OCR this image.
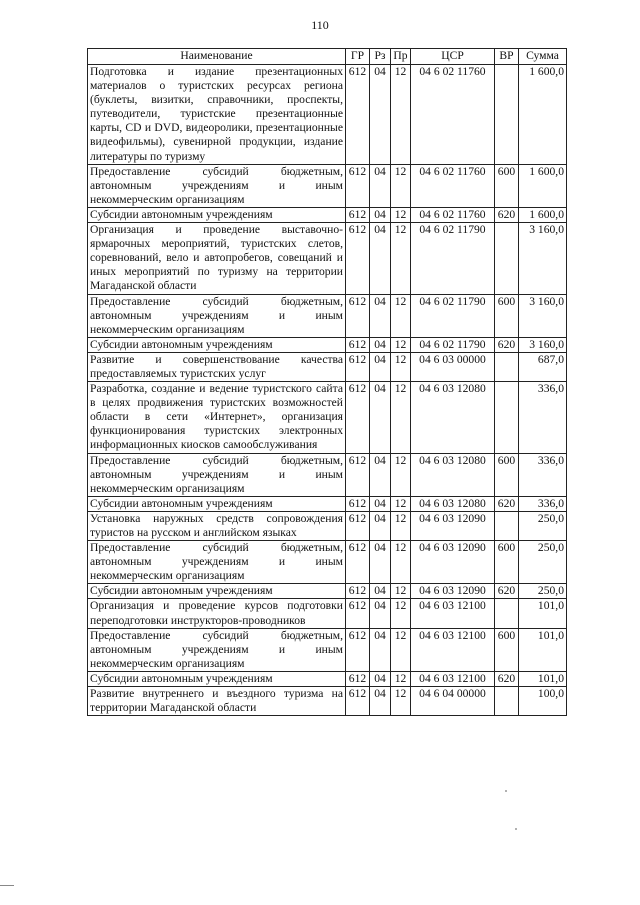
110
Наименование	ГР	Рз	Пр	ЦСР	ВР	Сумма
Подготовка и издание презентационных материалов о туристских ресурсах региона (буклеты, визитки, справочники, проспекты, путеводители, туристские презентационные карты, CD и DVD, видеоролики, презентационные видеофильмы), сувенирной продукции, издание литературы по туризму	612	04	12	04 6 02 11760		1 600,0
Предоставление субсидий бюджетным, автономным учреждениям и иным некоммерческим организациям	612	04	12	04 6 02 11760	600	1 600,0
Субсидии автономным учреждениям	612	04	12	04 6 02 11760	620	1 600,0
Организация и проведение выставочно-ярмарочных мероприятий, туристских слетов, соревнований, вело и автопробегов, совещаний и иных мероприятий по туризму на территории Магаданской области	612	04	12	04 6 02 11790		3 160,0
Предоставление субсидий бюджетным, автономным учреждениям и иным некоммерческим организациям	612	04	12	04 6 02 11790	600	3 160,0
Субсидии автономным учреждениям	612	04	12	04 6 02 11790	620	3 160,0
Развитие и совершенствование качества предоставляемых туристских услуг	612	04	12	04 6 03 00000		687,0
Разработка, создание и ведение туристского сайта в целях продвижения туристских возможностей области в сети «Интернет», организация функционирования туристских электронных информационных киосков самообслуживания	612	04	12	04 6 03 12080		336,0
Предоставление субсидий бюджетным, автономным учреждениям и иным некоммерческим организациям	612	04	12	04 6 03 12080	600	336,0
Субсидии автономным учреждениям	612	04	12	04 6 03 12080	620	336,0
Установка наружных средств сопровождения туристов на русском и английском языках	612	04	12	04 6 03 12090		250,0
Предоставление субсидий бюджетным, автономным учреждениям и иным некоммерческим организациям	612	04	12	04 6 03 12090	600	250,0
Субсидии автономным учреждениям	612	04	12	04 6 03 12090	620	250,0
Организация и проведение курсов подготовки переподготовки инструкторов-проводников	612	04	12	04 6 03 12100		101,0
Предоставление субсидий бюджетным, автономным учреждениям и иным некоммерческим организациям	612	04	12	04 6 03 12100	600	101,0
Субсидии автономным учреждениям	612	04	12	04 6 03 12100	620	101,0
Развитие внутреннего и въездного туризма на территории Магаданской области	612	04	12	04 6 04 00000		100,0
